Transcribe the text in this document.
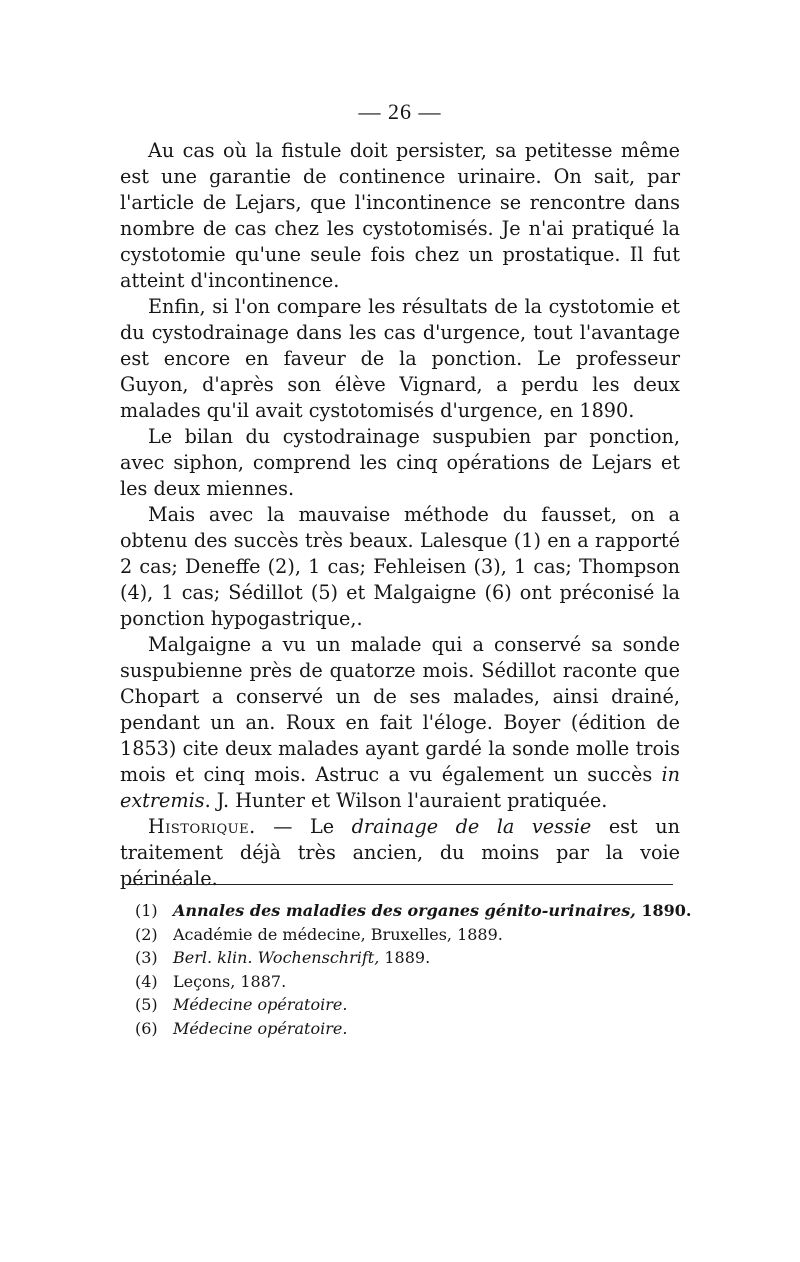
— 26 —

Au cas où la fistule doit persister, sa petitesse même est une garantie de continence urinaire. On sait, par l'article de Lejars, que l'incontinence se rencontre dans nombre de cas chez les cystotomisés. Je n'ai pratiqué la cystotomie qu'une seule fois chez un prostatique. Il fut atteint d'incontinence.

Enfin, si l'on compare les résultats de la cystotomie et du cystodrainage dans les cas d'urgence, tout l'avantage est encore en faveur de la ponction. Le professeur Guyon, d'après son élève Vignard, a perdu les deux malades qu'il avait cystotomisés d'urgence, en 1890.

Le bilan du cystodrainage suspubien par ponction, avec siphon, comprend les cinq opérations de Lejars et les deux miennes.

Mais avec la mauvaise méthode du fausset, on a obtenu des succès très beaux. Lalesque (1) en a rapporté 2 cas; Deneffe (2), 1 cas; Fehleisen (3), 1 cas; Thompson (4), 1 cas; Sédillot (5) et Malgaigne (6) ont préconisé la ponction hypogastrique,.

Malgaigne a vu un malade qui a conservé sa sonde suspubienne près de quatorze mois. Sédillot raconte que Chopart a conservé un de ses malades, ainsi drainé, pendant un an. Roux en fait l'éloge. Boyer (édition de 1853) cite deux malades ayant gardé la sonde molle trois mois et cinq mois. Astruc a vu également un succès in extremis. J. Hunter et Wilson l'auraient pratiquée.

Historique. — Le drainage de la vessie est un traitement déjà très ancien, du moins par la voie périnéale.

(1) Annales des maladies des organes génito-urinaires, 1890.
(2) Académie de médecine, Bruxelles, 1889.
(3) Berl. klin. Wochenschrift, 1889.
(4) Leçons, 1887.
(5) Médecine opératoire.
(6) Médecine opératoire.
